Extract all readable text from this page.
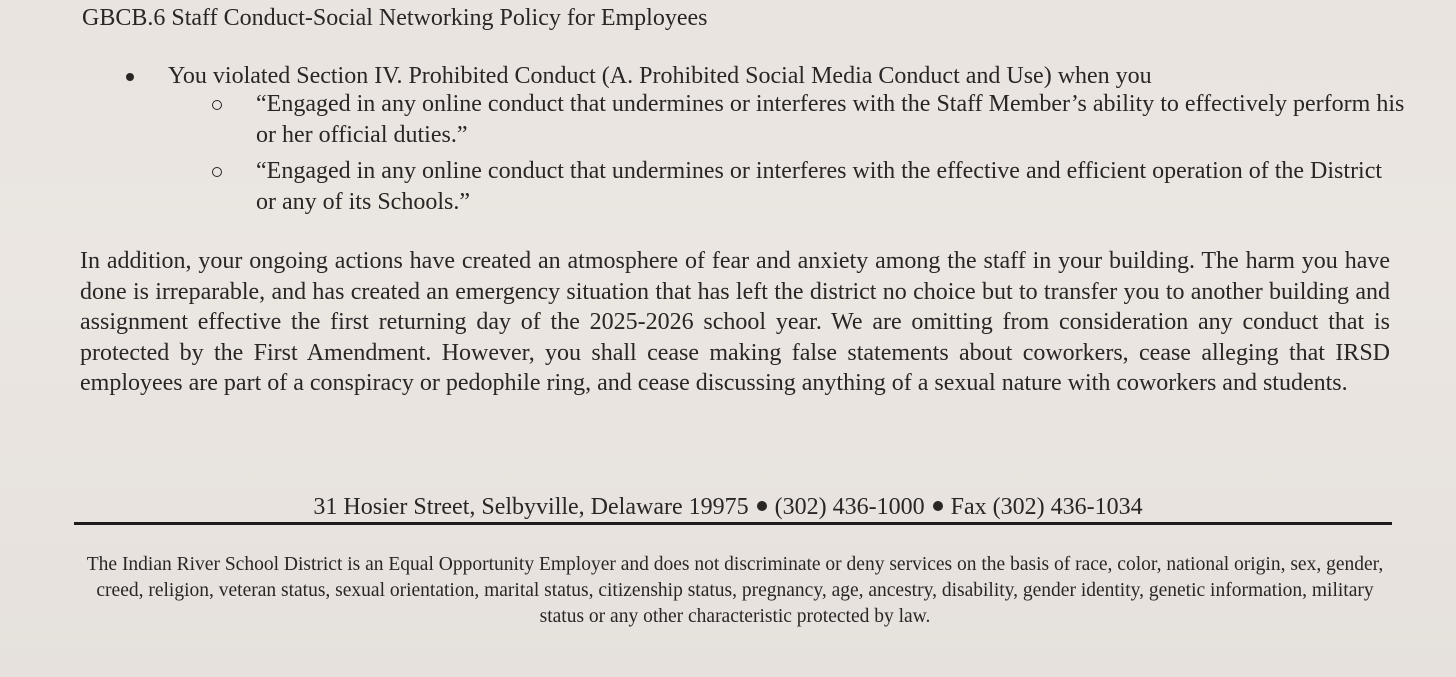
GBCB.6 Staff Conduct-Social Networking Policy for Employees
You violated Section IV. Prohibited Conduct (A. Prohibited Social Media Conduct and Use) when you
“Engaged in any online conduct that undermines or interferes with the Staff Member’s ability to effectively perform his or her official duties.”
“Engaged in any online conduct that undermines or interferes with the effective and efficient operation of the District or any of its Schools.”
In addition, your ongoing actions have created an atmosphere of fear and anxiety among the staff in your building. The harm you have done is irreparable, and has created an emergency situation that has left the district no choice but to transfer you to another building and assignment effective the first returning day of the 2025-2026 school year. We are omitting from consideration any conduct that is protected by the First Amendment. However, you shall cease making false statements about coworkers, cease alleging that IRSD employees are part of a conspiracy or pedophile ring, and cease discussing anything of a sexual nature with coworkers and students.
31 Hosier Street, Selbyville, Delaware 19975 (302) 436-1000 Fax (302) 436-1034
The Indian River School District is an Equal Opportunity Employer and does not discriminate or deny services on the basis of race, color, national origin, sex, gender, creed, religion, veteran status, sexual orientation, marital status, citizenship status, pregnancy, age, ancestry, disability, gender identity, genetic information, military status or any other characteristic protected by law.
